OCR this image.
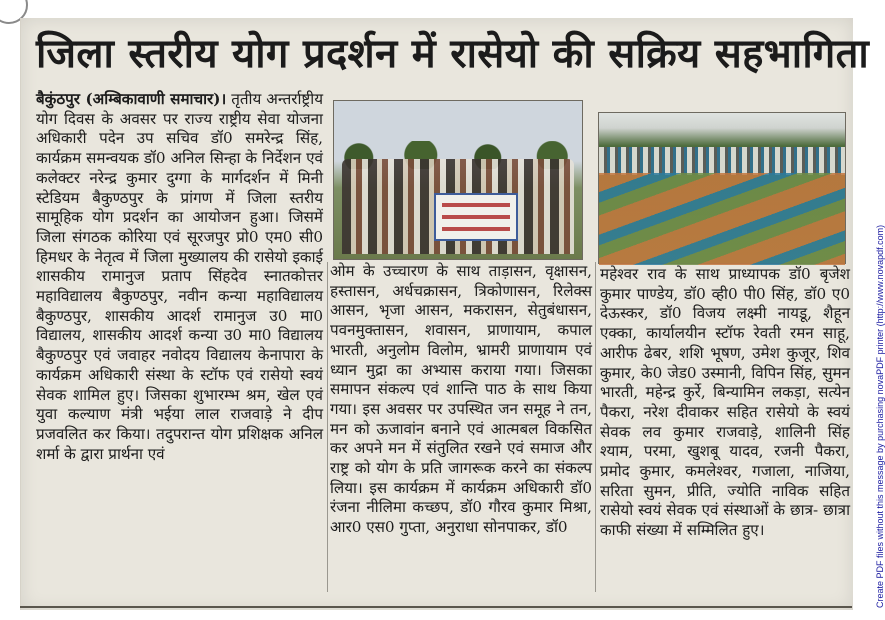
जिला स्तरीय योग प्रदर्शन में रासेयो की सक्रिय सहभागिता

बैकुंठपुर (अम्बिकावाणी समाचार)। तृतीय अन्तर्राष्ट्रीय योग दिवस के अवसर पर राज्य राष्ट्रीय सेवा योजना अधिकारी पदेन उप सचिव डॉ0 समरेन्द्र सिंह, कार्यक्रम समन्वयक डॉ0 अनिल सिन्हा के निर्देशन एवं कलेक्टर नरेन्द्र कुमार दुग्गा के मार्गदर्शन में मिनी स्टेडियम बैकुण्ठपुर के प्रांगण में जिला स्तरीय सामूहिक योग प्रदर्शन का आयोजन हुआ। जिसमें जिला संगठक कोरिया एवं सूरजपुर प्रो0 एम0 सी0 हिमधर के नेतृत्व में जिला मुख्यालय की रासेयो इकाई शासकीय रामानुज प्रताप सिंहदेव स्नातकोत्तर महाविद्यालय बैकुण्ठपुर, नवीन कन्या महाविद्यालय बैकुण्ठपुर, शासकीय आदर्श रामानुज उ0 मा0 विद्यालय, शासकीय आदर्श कन्या उ0 मा0 विद्यालय बैकुण्ठपुर एवं जवाहर नवोदय विद्यालय केनापारा के कार्यक्रम अधिकारी संस्था के स्टॉफ एवं रासेयो स्वयं सेवक शामिल हुए। जिसका शुभारम्भ श्रम, खेल एवं युवा कल्याण मंत्री भईया लाल राजवाड़े ने दीप प्रजवलित कर किया। तदुपरान्त योग प्रशिक्षक अनिल शर्मा के द्वारा प्रार्थना एवं

ओम के उच्चारण के साथ ताड़ासन, वृक्षासन, हस्तासन, अर्धचक्रासन, त्रिकोणासन, रिलेक्स आसन, भृजा आसन, मकरासन, सेतुबंधासन, पवनमुक्तासन, शवासन, प्राणायाम, कपाल भारती, अनुलोम विलोम, भ्रामरी प्राणायाम एवं ध्यान मुद्रा का अभ्यास कराया गया। जिसका समापन संकल्प एवं शान्ति पाठ के साथ किया गया। इस अवसर पर उपस्थित जन समूह ने तन, मन को ऊजावांन बनाने एवं आत्मबल विकसित कर अपने मन में संतुलित रखने एवं समाज और राष्ट्र को योग के प्रति जागरूक करने का संकल्प लिया। इस कार्यक्रम में कार्यक्रम अधिकारी डॉ0 रंजना नीलिमा कच्छप, डॉ0 गौरव कुमार मिश्रा, आर0 एस0 गुप्ता, अनुराधा सोनपाकर, डॉ0

महेश्वर राव के साथ प्राध्यापक डॉ0 बृजेश कुमार पाण्डेय, डॉ0 व्ही0 पी0 सिंह, डॉ0 ए0 देऊस्कर, डॉ0 विजय लक्ष्मी नायडू, शैहून एक्का, कार्यालयीन स्टॉफ रेवती रमन साहू, आरीफ ढेबर, शशि भूषण, उमेश कुजूर, शिव कुमार, के0 जेड0 उस्मानी, विपिन सिंह, सुमन भारती, महेन्द्र कुर्रे, बिन्यामिन लकड़ा, सत्येन पैकरा, नरेश दीवाकर सहित रासेयो के स्वयं सेवक लव कुमार राजवाड़े, शालिनी सिंह श्याम, परमा, खुशबू यादव, रजनी पैकरा, प्रमोद कुमार, कमलेश्वर, गजाला, नाजिया, सरिता सुमन, प्रीति, ज्योति नाविक सहित रासेयो स्वयं सेवक एवं संस्थाओं के छात्र- छात्रा काफी संख्या में सम्मिलित हुए।	Create PDF files without this message by purchasing novaPDF printer (http://www.novapdf.com)
